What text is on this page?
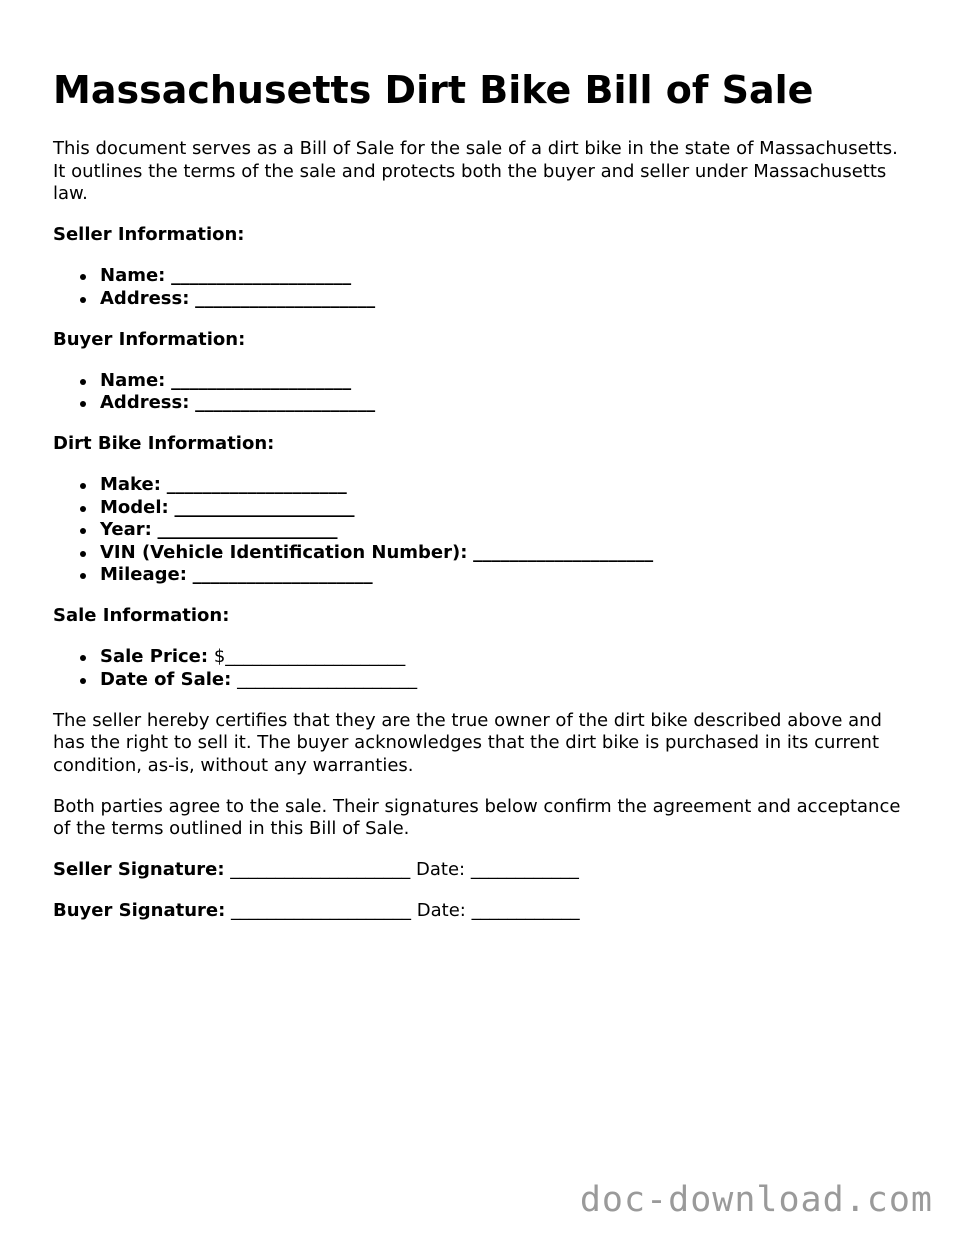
Massachusetts Dirt Bike Bill of Sale

This document serves as a Bill of Sale for the sale of a dirt bike in the state of Massachusetts. It outlines the terms of the sale and protects both the buyer and seller under Massachusetts law.

Seller Information:
Name: ____________________
Address: ____________________
Buyer Information:
Name: ____________________
Address: ____________________
Dirt Bike Information:
Make: ____________________
Model: ____________________
Year: ____________________
VIN (Vehicle Identification Number): ____________________
Mileage: ____________________
Sale Information:
Sale Price: $____________________
Date of Sale: ____________________

The seller hereby certifies that they are the true owner of the dirt bike described above and has the right to sell it. The buyer acknowledges that the dirt bike is purchased in its current condition, as-is, without any warranties.

Both parties agree to the sale. Their signatures below confirm the agreement and acceptance of the terms outlined in this Bill of Sale.

Seller Signature: ____________________ Date: ____________
Buyer Signature: ____________________ Date: ____________
doc-download.com
